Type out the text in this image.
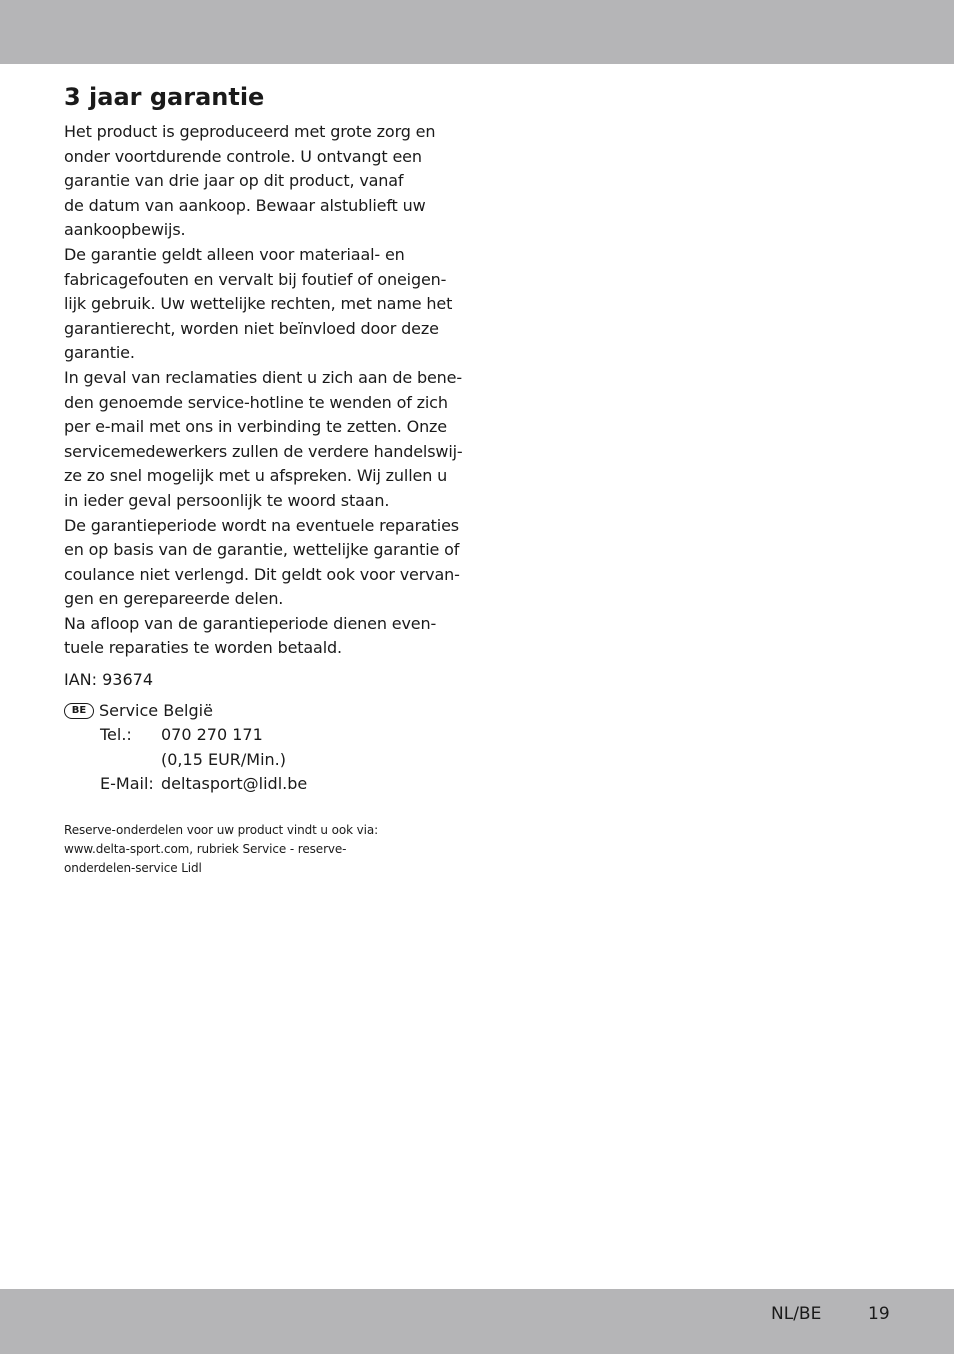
3 jaar garantie

Het product is geproduceerd met grote zorg en
onder voortdurende controle. U ontvangt een
garantie van drie jaar op dit product, vanaf
de datum van aankoop. Bewaar alstublieft uw
aankoopbewijs.

De garantie geldt alleen voor materiaal- en
fabricagefouten en vervalt bij foutief of oneigen-
lijk gebruik. Uw wettelijke rechten, met name het
garantierecht, worden niet beïnvloed door deze
garantie.

In geval van reclamaties dient u zich aan de bene-
den genoemde service-hotline te wenden of zich
per e-mail met ons in verbinding te zetten. Onze
servicemedewerkers zullen de verdere handelswij-
ze zo snel mogelijk met u afspreken. Wij zullen u
in ieder geval persoonlijk te woord staan.

De garantieperiode wordt na eventuele reparaties
en op basis van de garantie, wettelijke garantie of
coulance niet verlengd. Dit geldt ook voor vervan-
gen en gerepareerde delen.

Na afloop van de garantieperiode dienen even-
tuele reparaties te worden betaald.

IAN: 93674

BE Service België
Tel.: 070 270 171
(0,15 EUR/Min.)
E-Mail: deltasport@lidl.be
Reserve-onderdelen voor uw product vindt u ook via:
www.delta-sport.com, rubriek Service - reserve-
onderdelen-service Lidl
NL/BE	19
